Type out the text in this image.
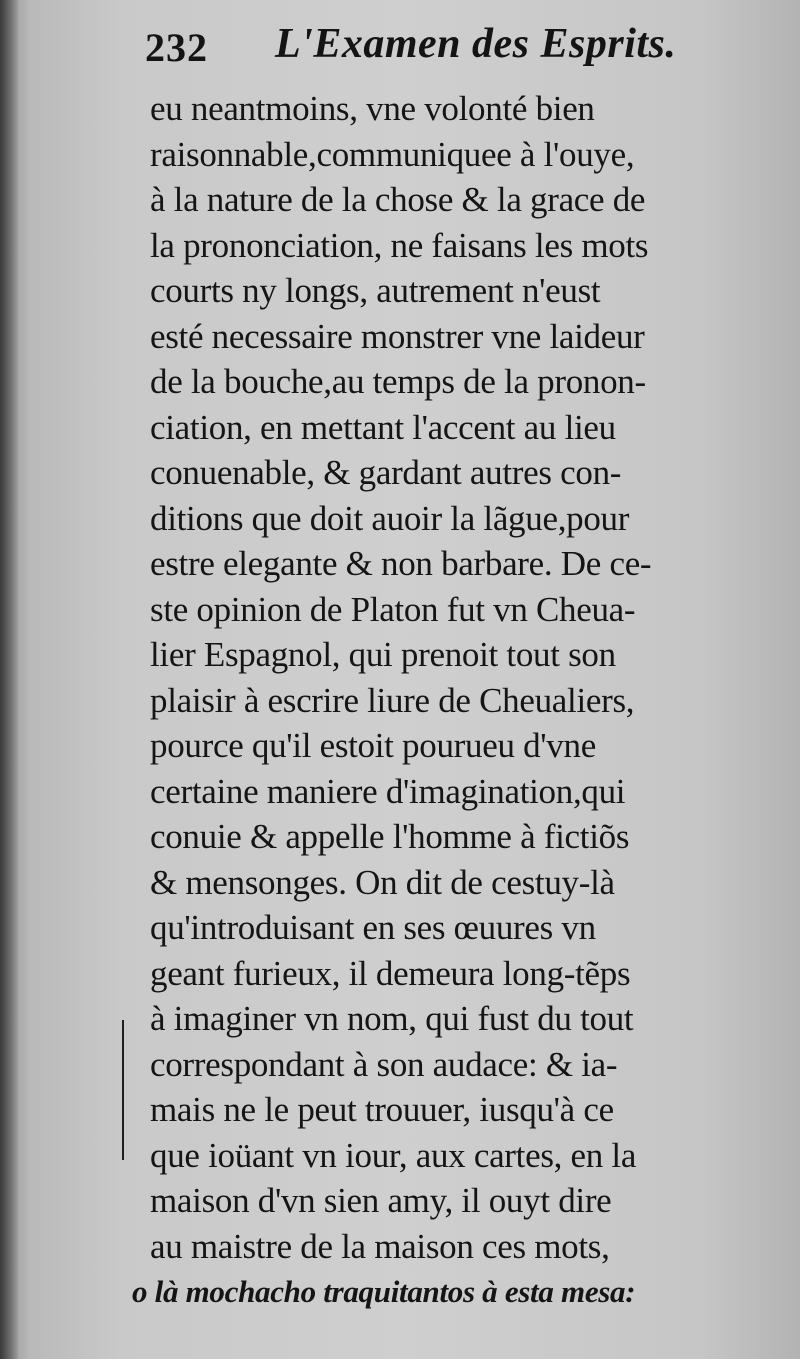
232 L'Examen des Esprits.
eu neantmoins, vne volonté bien
raisonnable,communiquee à l'ouye,
à la nature de la chose & la grace de
la prononciation, ne faisans les mots
courts ny longs, autrement n'eust
esté necessaire monstrer vne laideur
de la bouche,au temps de la pronon-
ciation, en mettant l'accent au lieu
conuenable, & gardant autres con-
ditions que doit auoir la lãgue,pour
estre elegante & non barbare. De ce-
ste opinion de Platon fut vn Cheua-
lier Espagnol, qui prenoit tout son
plaisir à escrire liure de Cheualiers,
pource qu'il estoit pourueu d'vne
certaine maniere d'imagination,qui
conuie & appelle l'homme à fictiõs
& mensonges. On dit de cestuy-là
qu'introduisant en ses œuures vn
geant furieux, il demeura long-tẽps
à imaginer vn nom, qui fust du tout
correspondant à son audace: & ia-
mais ne le peut trouuer, iusqu'à ce
que ioüant vn iour, aux cartes, en la
maison d'vn sien amy, il ouyt dire
au maistre de la maison ces mots,
o là mochacho traquitantos à esta mesa:
